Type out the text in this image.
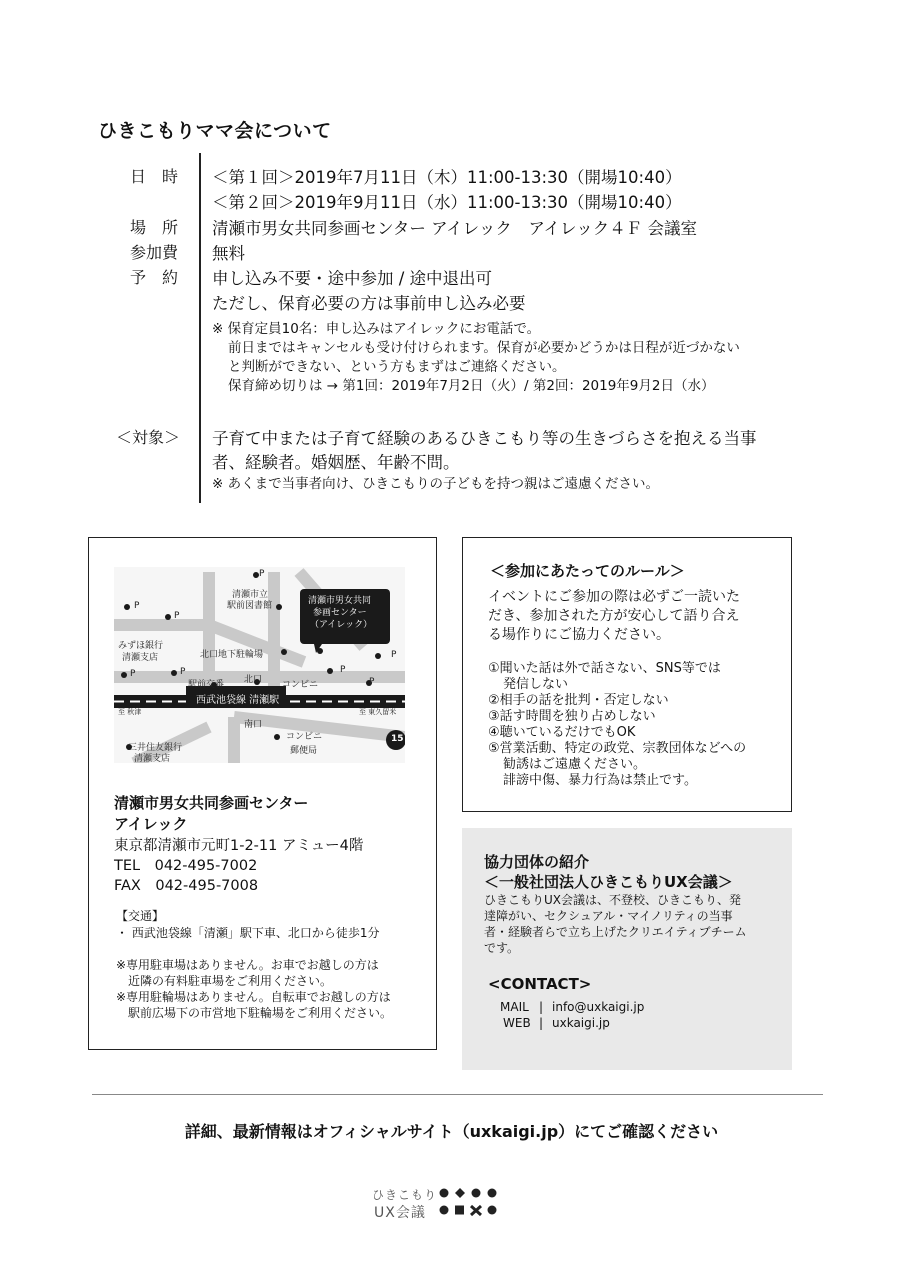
ひきこもりママ会について
日　時 ＜第１回＞2019年7月11日（木）11:00-13:30（開場10:40）
＜第２回＞2019年9月11日（水）11:00-13:30（開場10:40）
場　所 清瀬市男女共同参画センター アイレック　アイレック４Ｆ 会議室
参加費 無料
予　約 申し込み不要・途中参加 / 途中退出可
ただし、保育必要の方は事前申し込み必要
※ 保育定員10名：申し込みはアイレックにお電話で。
前日まではキャンセルも受け付けられます。保育が必要かどうかは日程が近づかない
と判断ができない、という方もまずはご連絡ください。
保育締め切りは → 第1回：2019年7月2日（火）/ 第2回：2019年9月2日（水）
＜対象＞ 子育て中または子育て経験のあるひきこもり等の生きづらさを抱える当事
者、経験者。婚姻歴、年齢不問。
※ あくまで当事者向け、ひきこもりの子どもを持つ親はご遠慮ください。
P
清瀬市立
駅前図書館	清瀬市男女共同
参画センター
（アイレック）
P
P
みずほ銀行
清瀬支店	北口地下駐輪場	P
P
P
P	P
駅前交番 北口 コンビニ
西武池袋線 清瀬駅
至 秋津	至 東久留米
南口
三井住友銀行
清瀬支店
コンビニ
郵便局
15
清瀬市男女共同参画センター
アイレック
東京都清瀬市元町1-2-11 アミュー4階
TEL　042-495-7002
FAX　042-495-7008
【交通】
・ 西武池袋線「清瀬」駅下車、北口から徒歩1分
※専用駐車場はありません。お車でお越しの方は
近隣の有料駐車場をご利用ください。
※専用駐輪場はありません。自転車でお越しの方は
駅前広場下の市営地下駐輪場をご利用ください。
＜参加にあたってのルール＞
イベントにご参加の際は必ずご一読いた
だき、参加された方が安心して語り合え
る場作りにご協力ください。
①聞いた話は外で話さない、SNS等では
発信しない
②相手の話を批判・否定しない
③話す時間を独り占めしない
④聴いているだけでもOK
⑤営業活動、特定の政党、宗教団体などへの
勧誘はご遠慮ください。
誹謗中傷、暴力行為は禁止です。
協力団体の紹介
＜一般社団法人ひきこもりUX会議＞
ひきこもりUX会議は、不登校、ひきこもり、発
達障がい、セクシュアル・マイノリティの当事
者・経験者らで立ち上げたクリエイティブチーム
です。
<CONTACT>
MAIL | info@uxkaigi.jp
WEB | uxkaigi.jp
詳細、最新情報はオフィシャルサイト（uxkaigi.jp）にてご確認ください
ひきこもり
UX会議
